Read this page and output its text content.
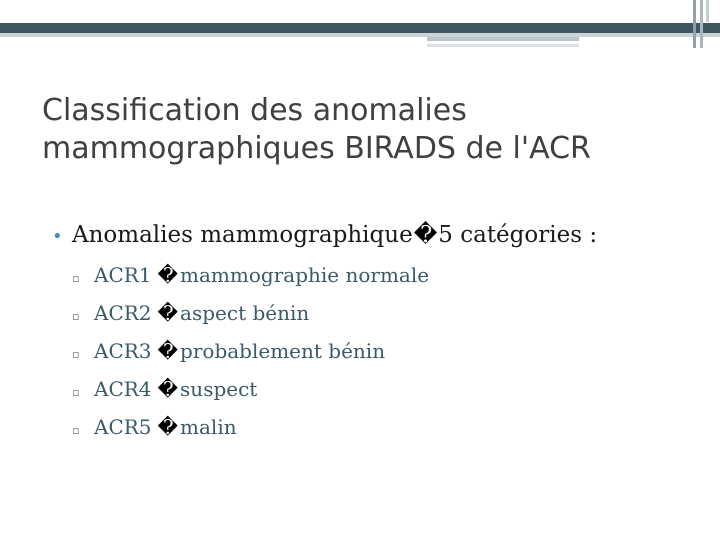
Classification des anomalies
mammographiques BIRADS de l'ACR
• Anomalies mammographique � 5 catégories :
▫ ACR1 � mammographie normale
▫ ACR2 � aspect bénin
▫ ACR3 � probablement bénin
▫ ACR4 � suspect
▫ ACR5 � malin
